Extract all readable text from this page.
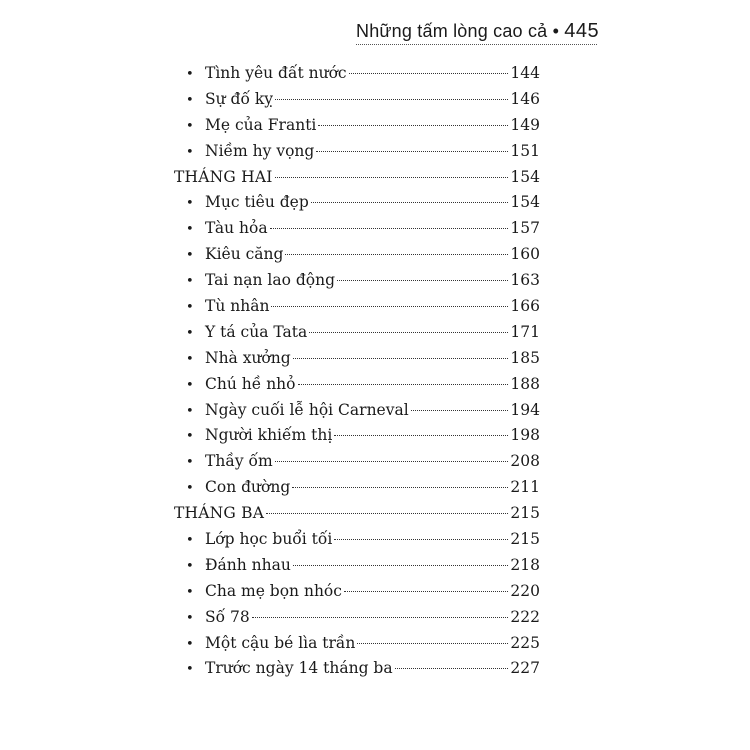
Những tấm lòng cao cả • 445
• Tình yêu đất nước	144
• Sự đố kỵ	146
• Mẹ của Franti	149
• Niềm hy vọng	151
THÁNG HAI	154
• Mục tiêu đẹp	154
• Tàu hỏa	157
• Kiêu căng	160
• Tai nạn lao động	163
• Tù nhân	166
• Y tá của Tata	171
• Nhà xưởng	185
• Chú hề nhỏ	188
• Ngày cuối lễ hội Carneval	194
• Người khiếm thị	198
• Thầy ốm	208
• Con đường	211
THÁNG BA	215
• Lớp học buổi tối	215
• Đánh nhau	218
• Cha mẹ bọn nhóc	220
• Số 78	222
• Một cậu bé lìa trần	225
• Trước ngày 14 tháng ba	227
